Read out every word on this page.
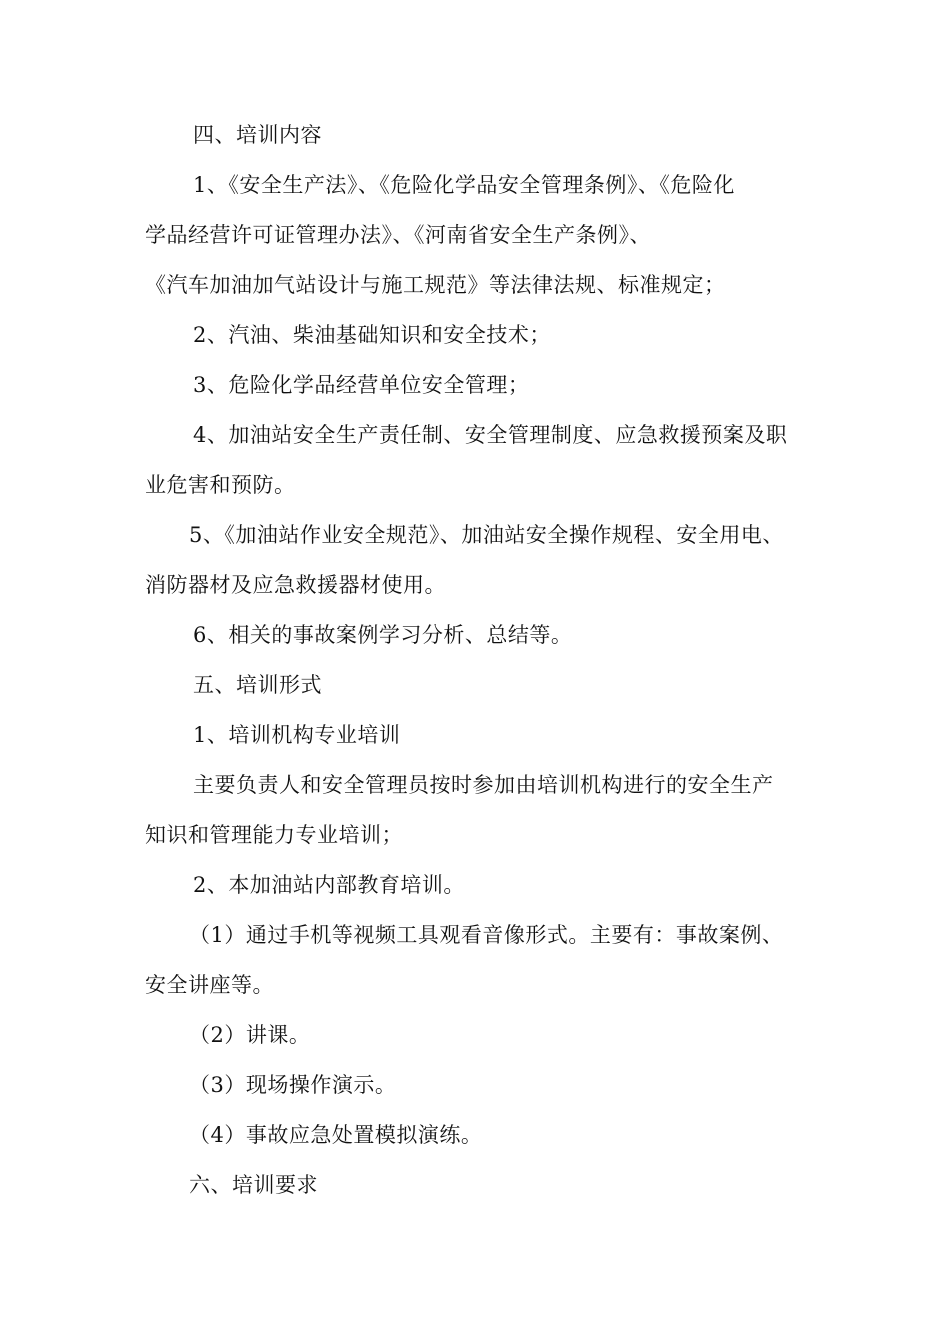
四、培训内容
1、《安全生产法》、《危险化学品安全管理条例》、《危险化
学品经营许可证管理办法》、《河南省安全生产条例》、
《汽车加油加气站设计与施工规范》等法律法规、标准规定；
2、汽油、柴油基础知识和安全技术；
3、危险化学品经营单位安全管理；
4、加油站安全生产责任制、安全管理制度、应急救援预案及职
业危害和预防。
5、《加油站作业安全规范》、加油站安全操作规程、安全用电、
消防器材及应急救援器材使用。
6、相关的事故案例学习分析、总结等。
五、培训形式
1、培训机构专业培训
主要负责人和安全管理员按时参加由培训机构进行的安全生产
知识和管理能力专业培训；
2、本加油站内部教育培训。
（1）通过手机等视频工具观看音像形式。主要有：事故案例、
安全讲座等。
（2）讲课。
（3）现场操作演示。
（4）事故应急处置模拟演练。
六、培训要求
